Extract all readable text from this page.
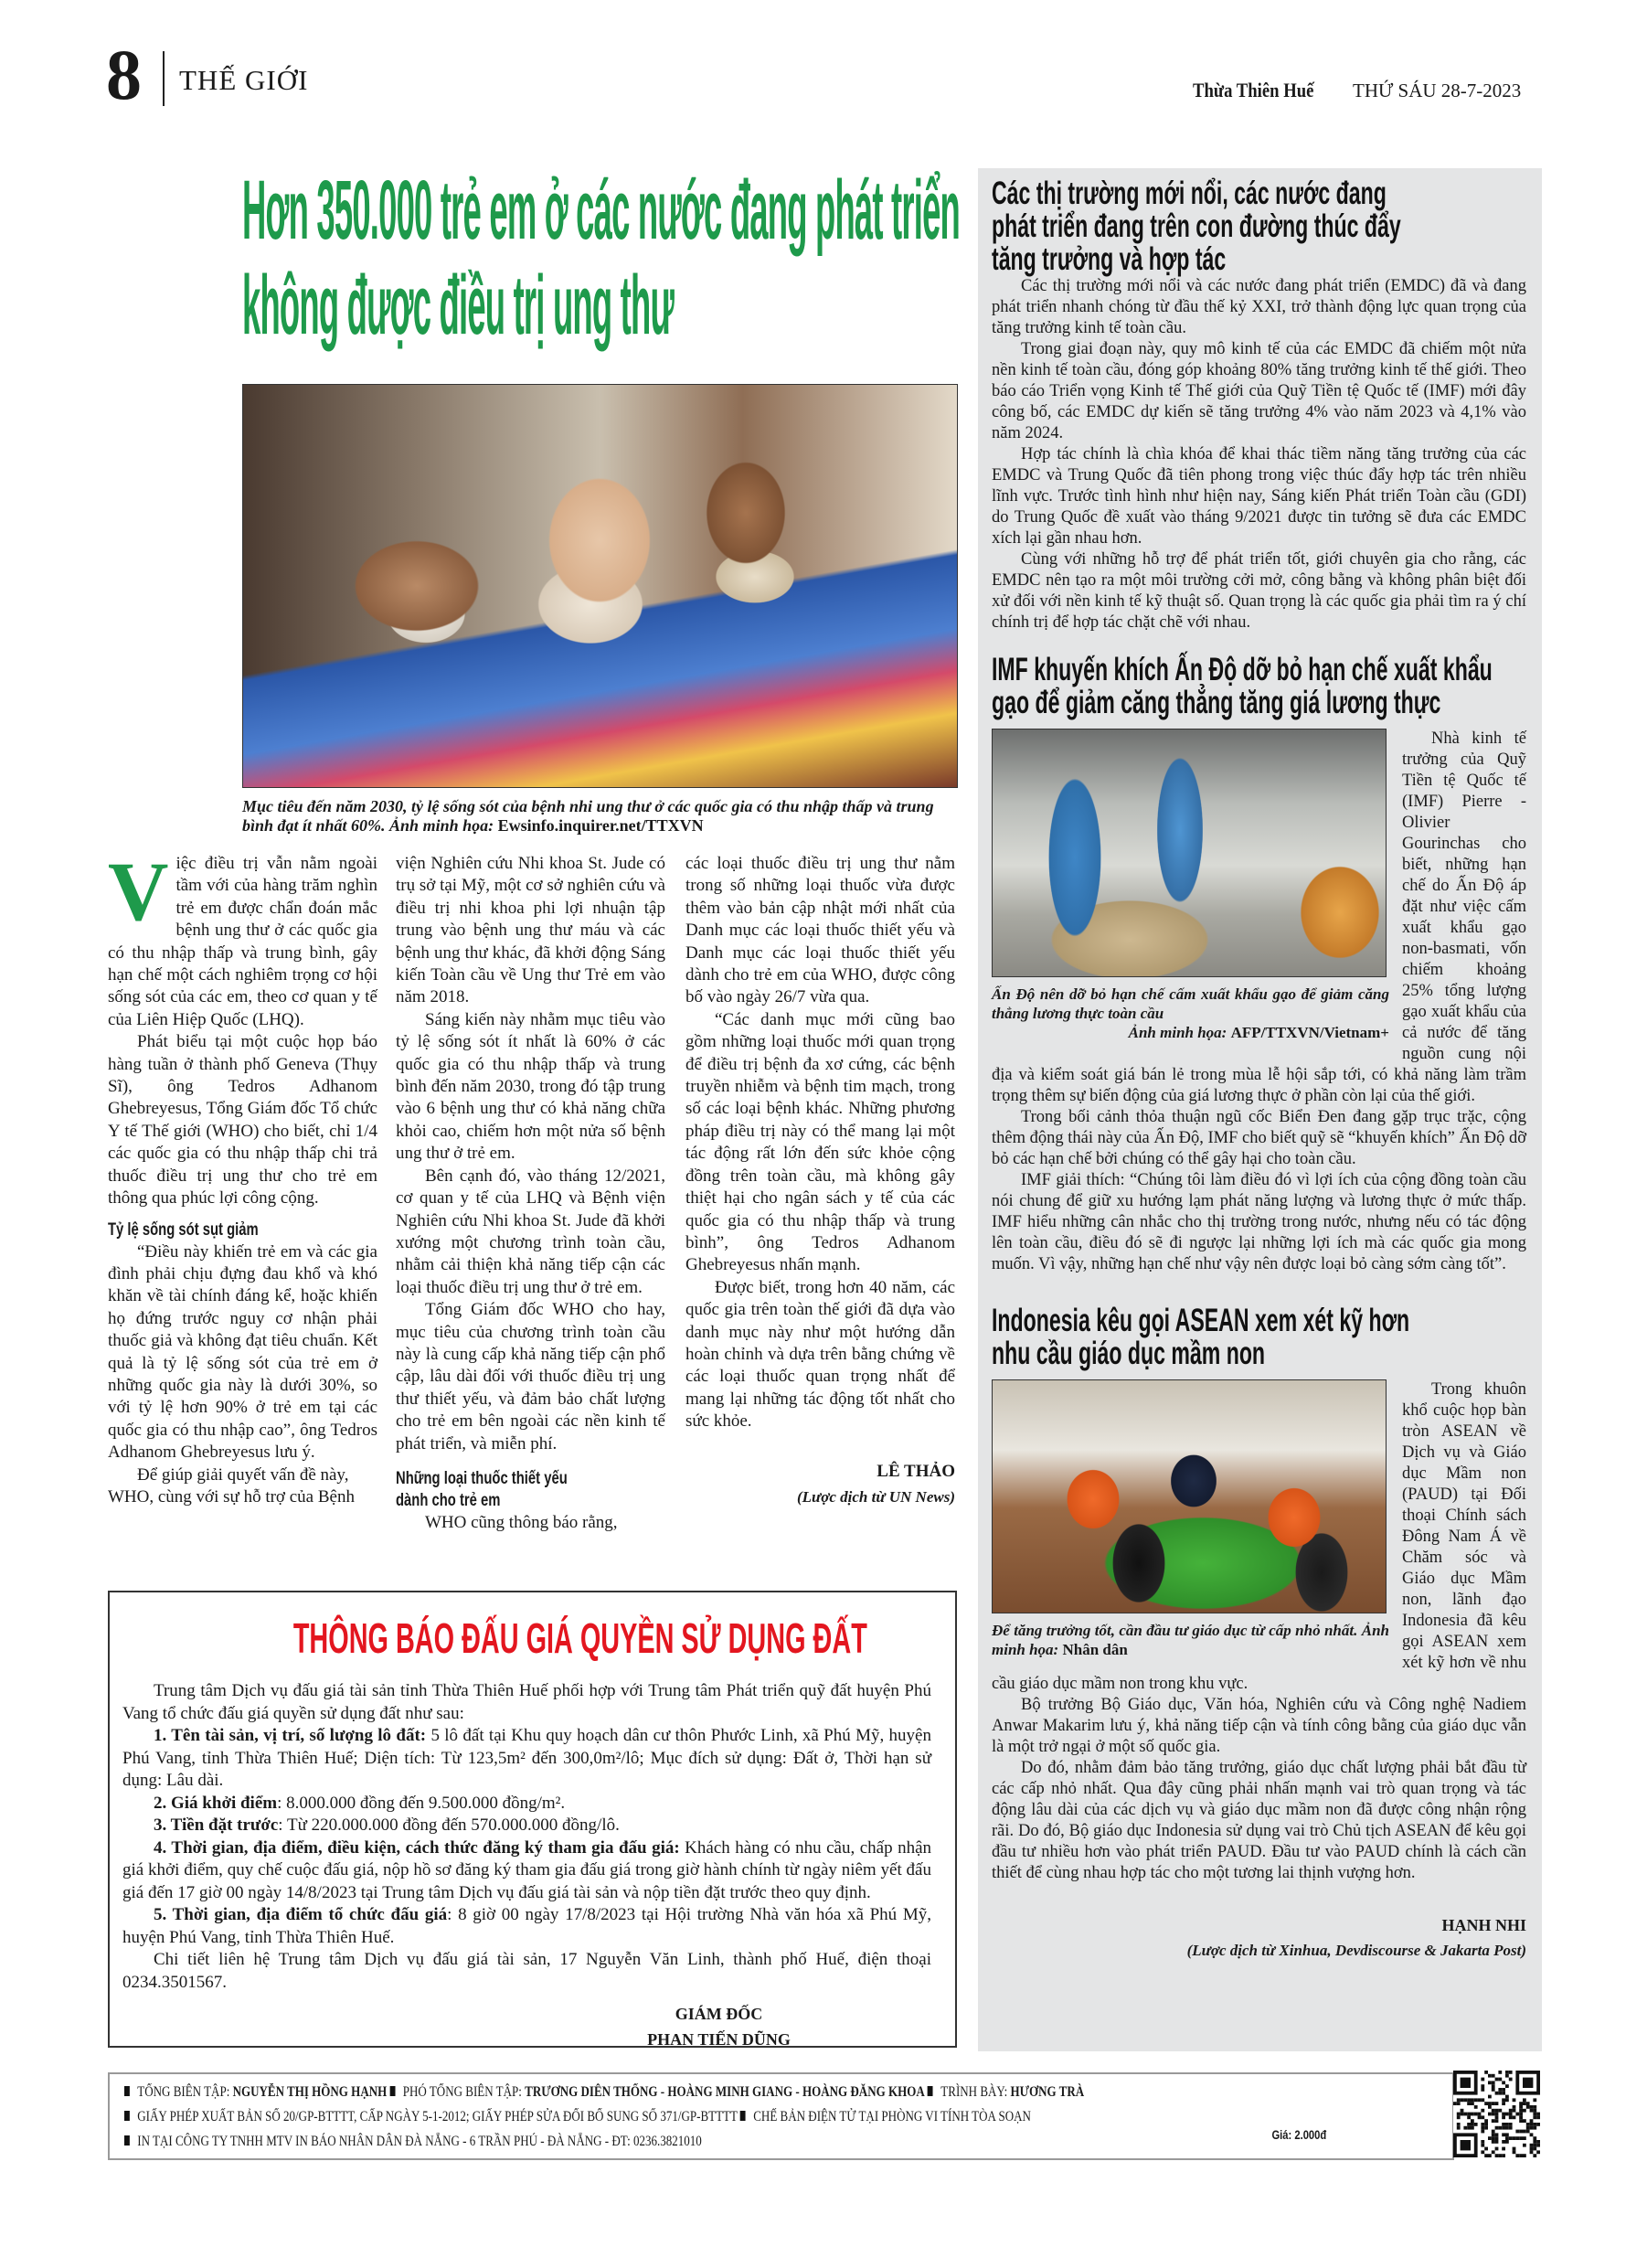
8 THẾ GIỚI	Thừa Thiên Huế THỨ SÁU 28-7-2023
Hơn 350.000 trẻ em ở các nước đang phát triển
không được điều trị ung thư
Mục tiêu đến năm 2030, tỷ lệ sống sót của bệnh nhi ung thư ở các quốc gia có thu nhập thấp và trung bình đạt ít nhất 60%. Ảnh minh họa: Ewsinfo.inquirer.net/TTXVN

Việc điều trị vẫn nằm ngoài tầm với của hàng trăm nghìn trẻ em được chẩn đoán mắc bệnh ung thư ở các quốc gia có thu nhập thấp và trung bình, gây hạn chế một cách nghiêm trọng cơ hội sống sót của các em, theo cơ quan y tế của Liên Hiệp Quốc (LHQ).

Phát biểu tại một cuộc họp báo hàng tuần ở thành phố Geneva (Thụy Sĩ), ông Tedros Adhanom Ghebreyesus, Tổng Giám đốc Tổ chức Y tế Thế giới (WHO) cho biết, chỉ 1/4 các quốc gia có thu nhập thấp chi trả thuốc điều trị ung thư cho trẻ em thông qua phúc lợi công cộng.

Tỷ lệ sống sót sụt giảm

“Điều này khiến trẻ em và các gia đình phải chịu đựng đau khổ và khó khăn về tài chính đáng kể, hoặc khiến họ đứng trước nguy cơ nhận phải thuốc giả và không đạt tiêu chuẩn. Kết quả là tỷ lệ sống sót của trẻ em ở những quốc gia này là dưới 30%, so với tỷ lệ hơn 90% ở trẻ em tại các quốc gia có thu nhập cao”, ông Tedros Adhanom Ghebreyesus lưu ý.

Để giúp giải quyết vấn đề này, WHO, cùng với sự hỗ trợ của Bệnh

viện Nghiên cứu Nhi khoa St. Jude có trụ sở tại Mỹ, một cơ sở nghiên cứu và điều trị nhi khoa phi lợi nhuận tập trung vào bệnh ung thư máu và các bệnh ung thư khác, đã khởi động Sáng kiến Toàn cầu về Ung thư Trẻ em vào năm 2018.

Sáng kiến này nhằm mục tiêu vào tỷ lệ sống sót ít nhất là 60% ở các quốc gia có thu nhập thấp và trung bình đến năm 2030, trong đó tập trung vào 6 bệnh ung thư có khả năng chữa khỏi cao, chiếm hơn một nửa số bệnh ung thư ở trẻ em.

Bên cạnh đó, vào tháng 12/2021, cơ quan y tế của LHQ và Bệnh viện Nghiên cứu Nhi khoa St. Jude đã khởi xướng một chương trình toàn cầu, nhằm cải thiện khả năng tiếp cận các loại thuốc điều trị ung thư ở trẻ em.

Tổng Giám đốc WHO cho hay, mục tiêu của chương trình toàn cầu này là cung cấp khả năng tiếp cận phổ cập, lâu dài đối với thuốc điều trị ung thư thiết yếu, và đảm bảo chất lượng cho trẻ em bên ngoài các nền kinh tế phát triển, và miễn phí.

Những loại thuốc thiết yếu
dành cho trẻ em

WHO cũng thông báo rằng,

các loại thuốc điều trị ung thư nằm trong số những loại thuốc vừa được thêm vào bản cập nhật mới nhất của Danh mục các loại thuốc thiết yếu và Danh mục các loại thuốc thiết yếu dành cho trẻ em của WHO, được công bố vào ngày 26/7 vừa qua.

“Các danh mục mới cũng bao gồm những loại thuốc mới quan trọng để điều trị bệnh đa xơ cứng, các bệnh truyền nhiễm và bệnh tim mạch, trong số các loại bệnh khác. Những phương pháp điều trị này có thể mang lại một tác động rất lớn đến sức khỏe cộng đồng trên toàn cầu, mà không gây thiệt hại cho ngân sách y tế của các quốc gia có thu nhập thấp và trung bình”, ông Tedros Adhanom Ghebreyesus nhấn mạnh.

Được biết, trong hơn 40 năm, các quốc gia trên toàn thế giới đã dựa vào danh mục này như một hướng dẫn hoàn chỉnh và dựa trên bằng chứng về các loại thuốc quan trọng nhất để mang lại những tác động tốt nhất cho sức khỏe.

LÊ THẢO
(Lược dịch từ UN News)
THÔNG BÁO ĐẤU GIÁ QUYỀN SỬ DỤNG ĐẤT

Trung tâm Dịch vụ đấu giá tài sản tỉnh Thừa Thiên Huế phối hợp với Trung tâm Phát triển quỹ đất huyện Phú Vang tổ chức đấu giá quyền sử dụng đất như sau:

1. Tên tài sản, vị trí, số lượng lô đất: 5 lô đất tại Khu quy hoạch dân cư thôn Phước Linh, xã Phú Mỹ, huyện Phú Vang, tỉnh Thừa Thiên Huế; Diện tích: Từ 123,5m² đến 300,0m²/lô; Mục đích sử dụng: Đất ở, Thời hạn sử dụng: Lâu dài.

2. Giá khởi điểm: 8.000.000 đồng đến 9.500.000 đồng/m².

3. Tiền đặt trước: Từ 220.000.000 đồng đến 570.000.000 đồng/lô.

4. Thời gian, địa điểm, điều kiện, cách thức đăng ký tham gia đấu giá: Khách hàng có nhu cầu, chấp nhận giá khởi điểm, quy chế cuộc đấu giá, nộp hồ sơ đăng ký tham gia đấu giá trong giờ hành chính từ ngày niêm yết đấu giá đến 17 giờ 00 ngày 14/8/2023 tại Trung tâm Dịch vụ đấu giá tài sản và nộp tiền đặt trước theo quy định.

5. Thời gian, địa điểm tổ chức đấu giá: 8 giờ 00 ngày 17/8/2023 tại Hội trường Nhà văn hóa xã Phú Mỹ, huyện Phú Vang, tỉnh Thừa Thiên Huế.

Chi tiết liên hệ Trung tâm Dịch vụ đấu giá tài sản, 17 Nguyễn Văn Linh, thành phố Huế, điện thoại 0234.3501567.

GIÁM ĐỐC
PHAN TIẾN DŨNG
Các thị trường mới nổi, các nước đang
phát triển đang trên con đường thúc đẩy
tăng trưởng và hợp tác

Các thị trường mới nổi và các nước đang phát triển (EMDC) đã và đang phát triển nhanh chóng từ đầu thế kỷ XXI, trở thành động lực quan trọng của tăng trưởng kinh tế toàn cầu.

Trong giai đoạn này, quy mô kinh tế của các EMDC đã chiếm một nửa nền kinh tế toàn cầu, đóng góp khoảng 80% tăng trưởng kinh tế thế giới. Theo báo cáo Triển vọng Kinh tế Thế giới của Quỹ Tiền tệ Quốc tế (IMF) mới đây công bố, các EMDC dự kiến sẽ tăng trưởng 4% vào năm 2023 và 4,1% vào năm 2024.

Hợp tác chính là chìa khóa để khai thác tiềm năng tăng trưởng của các EMDC và Trung Quốc đã tiên phong trong việc thúc đẩy hợp tác trên nhiều lĩnh vực. Trước tình hình như hiện nay, Sáng kiến Phát triển Toàn cầu (GDI) do Trung Quốc đề xuất vào tháng 9/2021 được tin tưởng sẽ đưa các EMDC xích lại gần nhau hơn.

Cùng với những hỗ trợ để phát triển tốt, giới chuyên gia cho rằng, các EMDC nên tạo ra một môi trường cởi mở, công bằng và không phân biệt đối xử đối với nền kinh tế kỹ thuật số. Quan trọng là các quốc gia phải tìm ra ý chí chính trị để hợp tác chặt chẽ với nhau.

IMF khuyến khích Ấn Độ dỡ bỏ hạn chế xuất khẩu
gạo để giảm căng thẳng tăng giá lương thực
Ấn Độ nên dỡ bỏ hạn chế cấm xuất khẩu gạo để giảm căng thẳng lương thực toàn cầu
Ảnh minh họa: AFP/TTXVN/Vietnam+

Nhà kinh tế trưởng của Quỹ Tiền tệ Quốc tế (IMF) Pierre - Olivier Gourinchas cho biết, những hạn chế do Ấn Độ áp đặt như việc cấm xuất khẩu gạo non-basmati, vốn chiếm khoảng 25% tổng lượng gạo xuất khẩu của cả nước để tăng nguồn cung nội địa và kiểm soát giá bán lẻ trong mùa lễ hội sắp tới, có khả năng làm trầm trọng thêm sự biến động của giá lương thực ở phần còn lại của thế giới.

Trong bối cảnh thỏa thuận ngũ cốc Biển Đen đang gặp trục trặc, cộng thêm động thái này của Ấn Độ, IMF cho biết quỹ sẽ “khuyến khích” Ấn Độ dỡ bỏ các hạn chế bởi chúng có thể gây hại cho toàn cầu.

IMF giải thích: “Chúng tôi làm điều đó vì lợi ích của cộng đồng toàn cầu nói chung để giữ xu hướng lạm phát năng lượng và lương thực ở mức thấp. IMF hiểu những cân nhắc cho thị trường trong nước, nhưng nếu có tác động lên toàn cầu, điều đó sẽ đi ngược lại những lợi ích mà các quốc gia mong muốn. Vì vậy, những hạn chế như vậy nên được loại bỏ càng sớm càng tốt”.

Indonesia kêu gọi ASEAN xem xét kỹ hơn
nhu cầu giáo dục mầm non
Để tăng trưởng tốt, cần đầu tư giáo dục từ cấp nhỏ nhất. Ảnh minh họa: Nhân dân

Trong khuôn khổ cuộc họp bàn tròn ASEAN về Dịch vụ và Giáo dục Mầm non (PAUD) tại Đối thoại Chính sách Đông Nam Á về Chăm sóc và Giáo dục Mầm non, lãnh đạo Indonesia đã kêu gọi ASEAN xem xét kỹ hơn về nhu cầu giáo dục mầm non trong khu vực.

Bộ trưởng Bộ Giáo dục, Văn hóa, Nghiên cứu và Công nghệ Nadiem Anwar Makarim lưu ý, khả năng tiếp cận và tính công bằng của giáo dục vẫn là một trở ngại ở một số quốc gia.

Do đó, nhằm đảm bảo tăng trưởng, giáo dục chất lượng phải bắt đầu từ các cấp nhỏ nhất. Qua đây cũng phải nhấn mạnh vai trò quan trọng và tác động lâu dài của các dịch vụ và giáo dục mầm non đã được công nhận rộng rãi. Do đó, Bộ giáo dục Indonesia sử dụng vai trò Chủ tịch ASEAN để kêu gọi đầu tư nhiều hơn vào phát triển PAUD. Đầu tư vào PAUD chính là cách cần thiết để cùng nhau hợp tác cho một tương lai thịnh vượng hơn.

HẠNH NHI
(Lược dịch từ Xinhua, Devdiscourse & Jakarta Post)
TỔNG BIÊN TẬP: NGUYỄN THỊ HỒNG HẠNH PHÓ TỔNG BIÊN TẬP: TRƯƠNG DIÊN THỐNG - HOÀNG MINH GIANG - HOÀNG ĐĂNG KHOA TRÌNH BÀY: HƯƠNG TRÀ
GIẤY PHÉP XUẤT BẢN SỐ 20/GP-BTTTT, CẤP NGÀY 5-1-2012; GIẤY PHÉP SỬA ĐỔI BỔ SUNG SỐ 371/GP-BTTTT CHẾ BẢN ĐIỆN TỬ TẠI PHÒNG VI TÍNH TÒA SOẠN
IN TẠI CÔNG TY TNHH MTV IN BÁO NHÂN DÂN ĐÀ NẴNG - 6 TRẦN PHÚ - ĐÀ NẴNG - ĐT: 0236.3821010	Giá: 2.000đ
